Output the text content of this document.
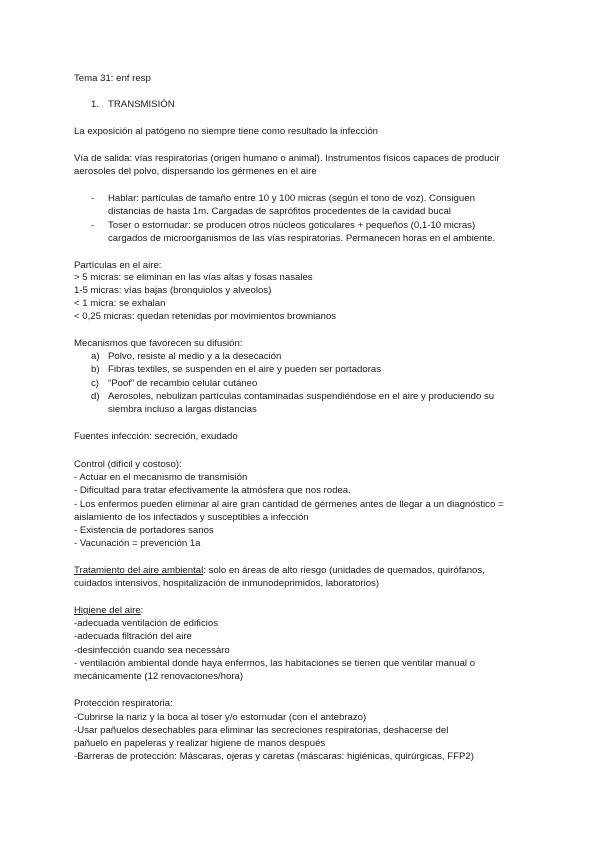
Tema 31: enf resp
1. TRANSMISIÓN
La exposición al patógeno no siempre tiene como resultado la infección
Vía de salida: vías respiratorias (origen humano o animal). Instrumentos físicos capaces de producir
aerosoles del polvo, dispersando los gérmenes en el aire
- Hablar: partículas de tamaño entre 10 y 100 micras (según el tono de voz). Consiguen
distancias de hasta 1m. Cargadas de saprófitos procedentes de la cavidad bucal
- Toser o estornudar: se producen otros núcleos goticulares + pequeños (0,1-10 micras)
cargados de microorganismos de las vías respiratorias. Permanecen horas en el ambiente.
Partículas en el aire:
> 5 micras: se eliminan en las vías altas y fosas nasales
1-5 micras: vías bajas (bronquiolos y alveolos)
< 1 micra: se exhalan
< 0,25 micras: quedan retenidas por movimientos brownianos
Mecanismos que favorecen su difusión:
a) Polvo, resiste al medio y a la desecación
b) Fibras textiles, se suspenden en el aire y pueden ser portadoras
c) “Poof” de recambio celular cutáneo
d) Aerosoles, nebulizan partículas contaminadas suspendiéndose en el aire y produciendo su
siembra incluso a largas distancias
Fuentes infección: secreción, exudado
Control (difícil y costoso):
- Actuar en el mecanismo de transmisión
- Dificultad para tratar efectivamente la atmósfera que nos rodea.
- Los enfermos pueden eliminar al aire gran cantidad de gérmenes antes de llegar a un diagnóstico =
aislamiento de los infectados y susceptibles a infección
- Existencia de portadores sanos
- Vacunación = prevención 1a
Tratamiento del aire ambiental: solo en áreas de alto riesgo (unidades de quemados, quirófanos,
cuidados intensivos, hospitalización de inmunodeprimidos, laboratorios)
Higiene del aire:
-adecuada ventilación de edificios
-adecuada filtración del aire
-desinfección cuando sea necessàro
- ventilación ambiental donde haya enfermos, las habitaciones se tienen que ventilar manual o
mecánicamente (12 renovaciones/hora)
Protección respiratoria:
-Cubrirse la nariz y la boca al toser y/o estornudar (con el antebrazo)
-Usar pañuelos desechables para eliminar las secreciones respiratorias, deshacerse del
pañuelo en papeleras y realizar higiene de manos después
-Barreras de protección: Máscaras, ojeras y caretas (máscaras: higiénicas, quirúrgicas, FFP2)
